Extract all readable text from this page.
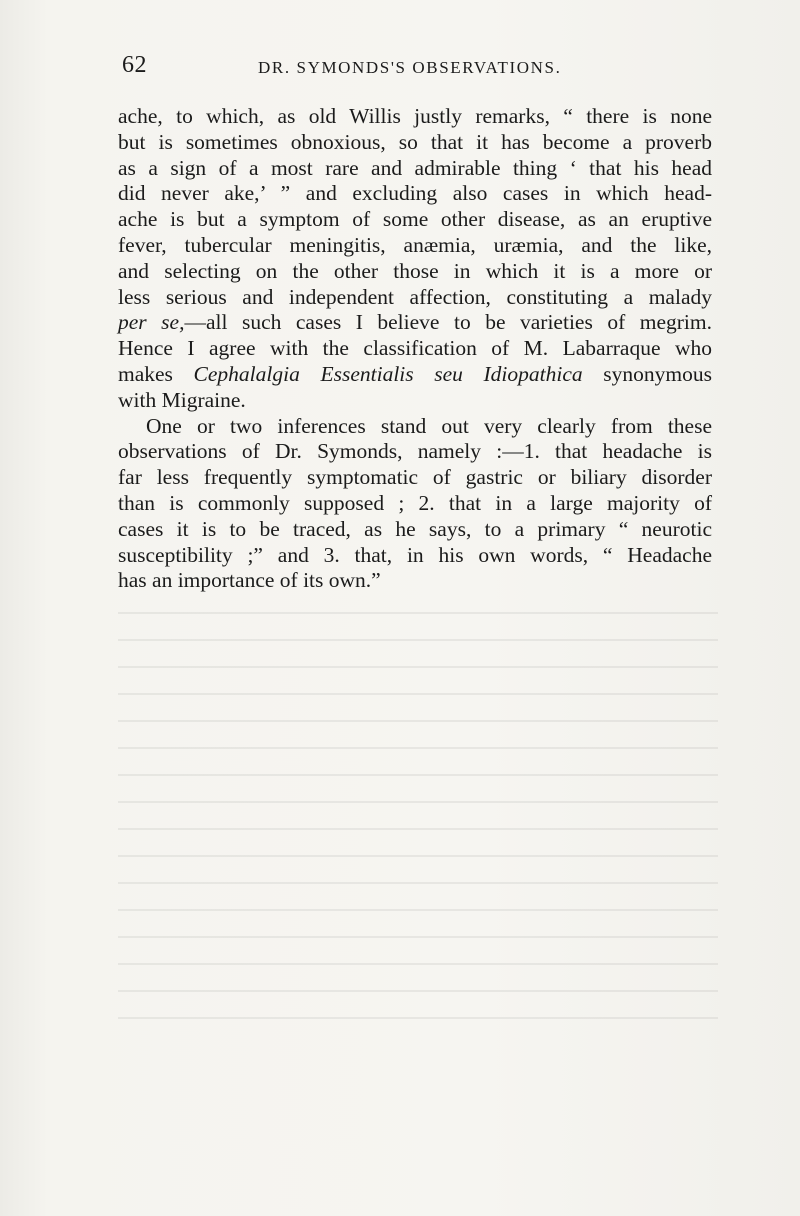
62	DR. SYMONDS'S OBSERVATIONS.

ache, to which, as old Willis justly remarks, “ there is none
but is sometimes obnoxious, so that it has become a proverb
as a sign of a most rare and admirable thing ‘ that his head
did never ake,’ ” and excluding also cases in which head-
ache is but a symptom of some other disease, as an eruptive
fever, tubercular meningitis, anæmia, uræmia, and the like,
and selecting on the other those in which it is a more or
less serious and independent affection, constituting a malady
per se,—all such cases I believe to be varieties of megrim.
Hence I agree with the classification of M. Labarraque who
makes Cephalalgia Essentialis seu Idiopathica synonymous
with Migraine.

One or two inferences stand out very clearly from these
observations of Dr. Symonds, namely :—1. that headache is
far less frequently symptomatic of gastric or biliary disorder
than is commonly supposed ; 2. that in a large majority of
cases it is to be traced, as he says, to a primary “ neurotic
susceptibility ;” and 3. that, in his own words, “ Headache
has an importance of its own.”
